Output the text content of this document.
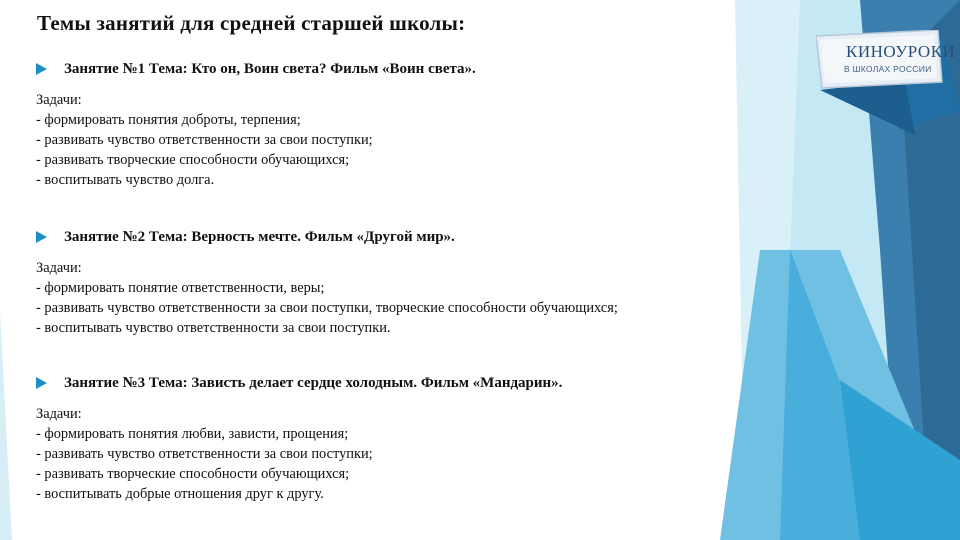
КИНОУРОКИ
В ШКОЛАХ РОССИИ
Темы занятий для средней старшей школы:
Занятие №1 Тема: Кто он, Воин света? Фильм «Воин света».
Задачи:
- формировать понятия доброты, терпения;
- развивать чувство ответственности за свои поступки;
- развивать творческие способности обучающихся;
- воспитывать чувство долга.
Занятие №2 Тема: Верность мечте. Фильм «Другой мир».
Задачи:
- формировать понятие ответственности, веры;
- развивать чувство ответственности за свои поступки, творческие способности обучающихся;
- воспитывать чувство ответственности за свои поступки.
Занятие №3 Тема: Зависть делает сердце холодным. Фильм «Мандарин».
Задачи:
- формировать понятия любви, зависти, прощения;
- развивать чувство ответственности за свои поступки;
- развивать творческие способности обучающихся;
- воспитывать добрые отношения друг к другу.
